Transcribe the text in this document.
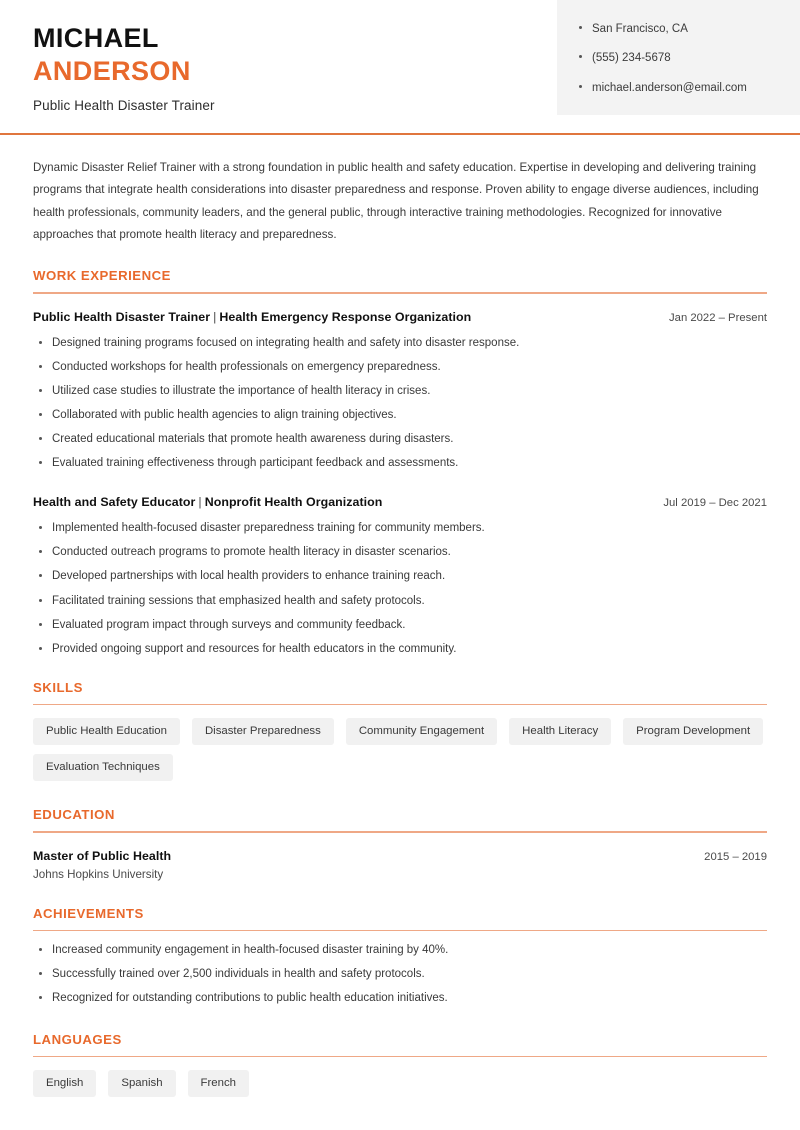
MICHAEL
ANDERSON
Public Health Disaster Trainer
San Francisco, CA
(555) 234-5678
michael.anderson@email.com
Dynamic Disaster Relief Trainer with a strong foundation in public health and safety education. Expertise in developing and delivering training programs that integrate health considerations into disaster preparedness and response. Proven ability to engage diverse audiences, including health professionals, community leaders, and the general public, through interactive training methodologies. Recognized for innovative approaches that promote health literacy and preparedness.
WORK EXPERIENCE
Public Health Disaster Trainer | Health Emergency Response Organization	Jan 2022 – Present
Designed training programs focused on integrating health and safety into disaster response.
Conducted workshops for health professionals on emergency preparedness.
Utilized case studies to illustrate the importance of health literacy in crises.
Collaborated with public health agencies to align training objectives.
Created educational materials that promote health awareness during disasters.
Evaluated training effectiveness through participant feedback and assessments.
Health and Safety Educator | Nonprofit Health Organization	Jul 2019 – Dec 2021
Implemented health-focused disaster preparedness training for community members.
Conducted outreach programs to promote health literacy in disaster scenarios.
Developed partnerships with local health providers to enhance training reach.
Facilitated training sessions that emphasized health and safety protocols.
Evaluated program impact through surveys and community feedback.
Provided ongoing support and resources for health educators in the community.
SKILLS
Public Health Education	Disaster Preparedness	Community Engagement	Health Literacy	Program Development
Evaluation Techniques
EDUCATION
Master of Public Health	2015 – 2019
Johns Hopkins University
ACHIEVEMENTS
Increased community engagement in health-focused disaster training by 40%.
Successfully trained over 2,500 individuals in health and safety protocols.
Recognized for outstanding contributions to public health education initiatives.
LANGUAGES
English	Spanish	French
